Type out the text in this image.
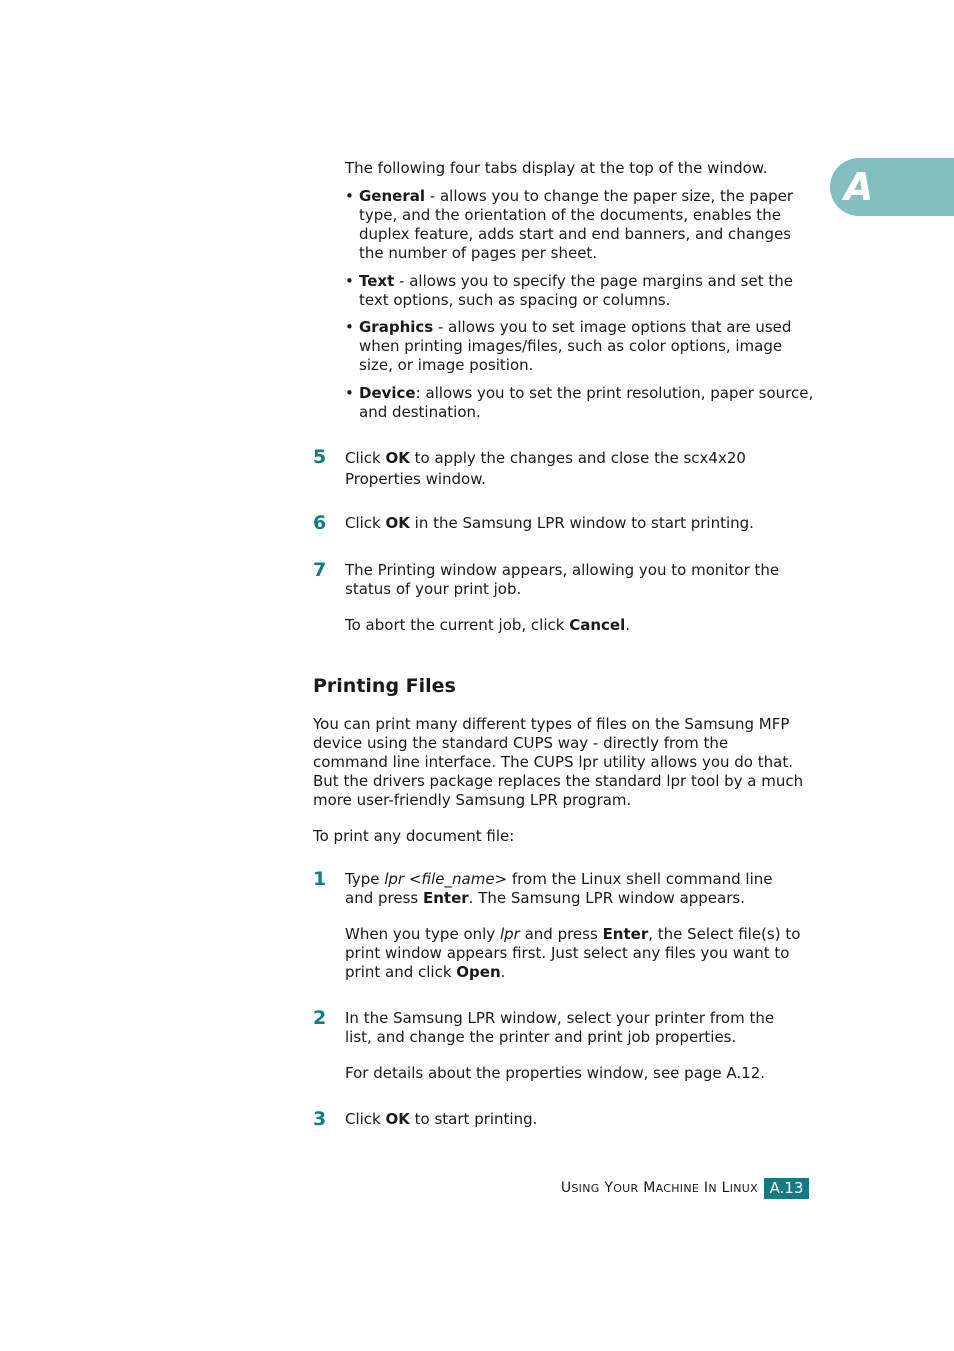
A

The following four tabs display at the top of the window.

• General - allows you to change the paper size, the paper type, and the orientation of the documents, enables the duplex feature, adds start and end banners, and changes the number of pages per sheet.
• Text - allows you to specify the page margins and set the text options, such as spacing or columns.
• Graphics - allows you to set image options that are used when printing images/files, such as color options, image size, or image position.
• Device: allows you to set the print resolution, paper source, and destination.
5 Click OK to apply the changes and close the scx4x20 Properties window.

6 Click OK in the Samsung LPR window to start printing.

7 The Printing window appears, allowing you to monitor the status of your print job.

To abort the current job, click Cancel.

Printing Files

You can print many different types of files on the Samsung MFP device using the standard CUPS way - directly from the command line interface. The CUPS lpr utility allows you do that. But the drivers package replaces the standard lpr tool by a much more user-friendly Samsung LPR program.

To print any document file:

1 Type lpr <file_name> from the Linux shell command line and press Enter. The Samsung LPR window appears.

When you type only lpr and press Enter, the Select file(s) to print window appears first. Just select any files you want to print and click Open.

2 In the Samsung LPR window, select your printer from the list, and change the printer and print job properties.

For details about the properties window, see page A.12.

3 Click OK to start printing.

USING YOUR MACHINE IN LINUX A.13
